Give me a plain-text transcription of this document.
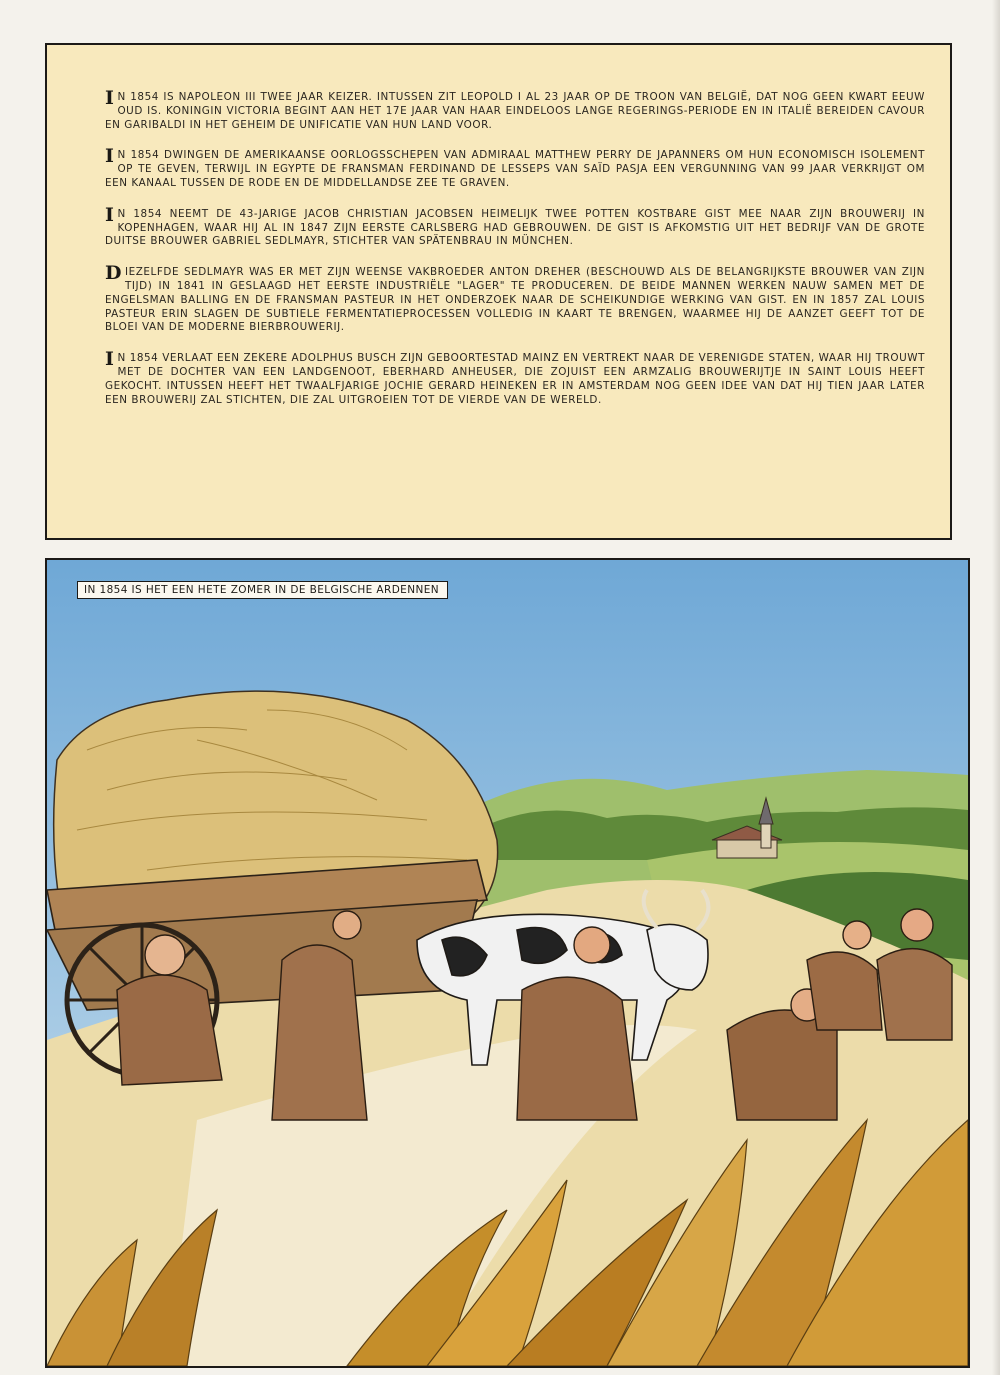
I N 1854 IS NAPOLEON III TWEE JAAR KEIZER. INTUSSEN ZIT LEOPOLD I AL 23 JAAR OP DE TROON VAN BELGIË, DAT NOG GEEN KWART EEUW OUD IS. KONINGIN VICTORIA BEGINT AAN HET 17E JAAR VAN HAAR EINDELOOS LANGE REGERINGS-PERIODE EN IN ITALIË BEREIDEN CAVOUR EN GARIBALDI IN HET GEHEIM DE UNIFICATIE VAN HUN LAND VOOR.

I N 1854 DWINGEN DE AMERIKAANSE OORLOGSSCHEPEN VAN ADMIRAAL MATTHEW PERRY DE JAPANNERS OM HUN ECONOMISCH ISOLEMENT OP TE GEVEN, TERWIJL IN EGYPTE DE FRANSMAN FERDINAND DE LESSEPS VAN SAÏD PASJA EEN VERGUNNING VAN 99 JAAR VERKRIJGT OM EEN KANAAL TUSSEN DE RODE EN DE MIDDELLANDSE ZEE TE GRAVEN.

I N 1854 NEEMT DE 43-JARIGE JACOB CHRISTIAN JACOBSEN HEIMELIJK TWEE POTTEN KOSTBARE GIST MEE NAAR ZIJN BROUWERIJ IN KOPENHAGEN, WAAR HIJ AL IN 1847 ZIJN EERSTE CARLSBERG HAD GEBROUWEN. DE GIST IS AFKOMSTIG UIT HET BEDRIJF VAN DE GROTE DUITSE BROUWER GABRIEL SEDLMAYR, STICHTER VAN SPÄTENBRAU IN MÜNCHEN.

DIEZELFDE SEDLMAYR WAS ER MET ZIJN WEENSE VAKBROEDER ANTON DREHER (BESCHOUWD ALS DE BELANGRIJKSTE BROUWER VAN ZIJN TIJD) IN 1841 IN GESLAAGD HET EERSTE INDUSTRIËLE "LAGER" TE PRODUCEREN. DE BEIDE MANNEN WERKEN NAUW SAMEN MET DE ENGELSMAN BALLING EN DE FRANSMAN PASTEUR IN HET ONDERZOEK NAAR DE SCHEIKUNDIGE WERKING VAN GIST. EN IN 1857 ZAL LOUIS PASTEUR ERIN SLAGEN DE SUBTIELE FERMENTATIEPROCESSEN VOLLEDIG IN KAART TE BRENGEN, WAARMEE HIJ DE AANZET GEEFT TOT DE BLOEI VAN DE MODERNE BIERBROUWERIJ.

I N 1854 VERLAAT EEN ZEKERE ADOLPHUS BUSCH ZIJN GEBOORTESTAD MAINZ EN VERTREKT NAAR DE VERENIGDE STATEN, WAAR HIJ TROUWT MET DE DOCHTER VAN EEN LANDGENOOT, EBERHARD ANHEUSER, DIE ZOJUIST EEN ARMZALIG BROUWERIJTJE IN SAINT LOUIS HEEFT GEKOCHT. INTUSSEN HEEFT HET TWAALFJARIGE JOCHIE GERARD HEINEKEN ER IN AMSTERDAM NOG GEEN IDEE VAN DAT HIJ TIEN JAAR LATER EEN BROUWERIJ ZAL STICHTEN, DIE ZAL UITGROEIEN TOT DE VIERDE VAN DE WERELD.

IN 1854 IS HET EEN HETE ZOMER IN DE BELGISCHE ARDENNEN
